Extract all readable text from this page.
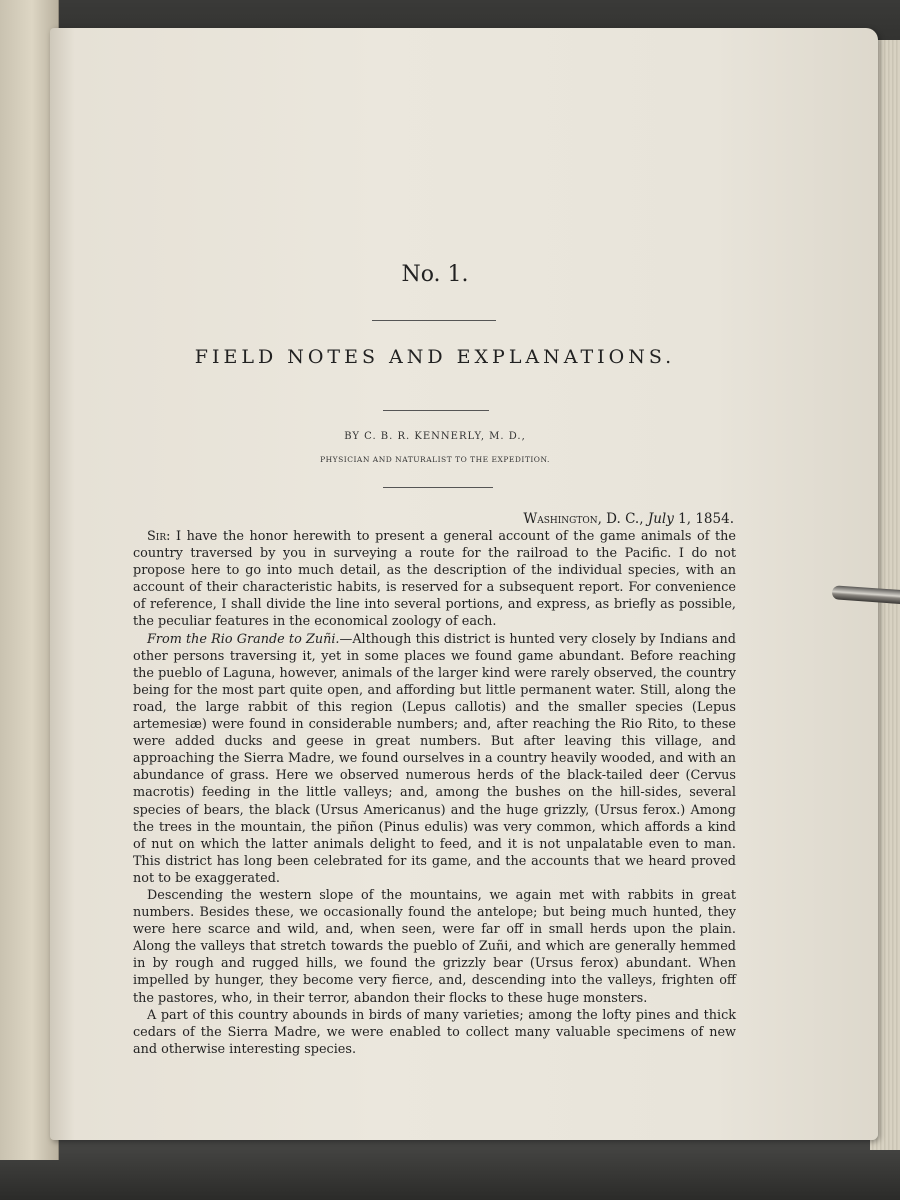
No. 1.
FIELD NOTES AND EXPLANATIONS.
BY C. B. R. KENNERLY, M. D.,
PHYSICIAN AND NATURALIST TO THE EXPEDITION.
Washington, D. C., July 1, 1854.

Sir: I have the honor herewith to present a general account of the game animals of the country traversed by you in surveying a route for the railroad to the Pacific. I do not propose here to go into much detail, as the description of the individual species, with an account of their characteristic habits, is reserved for a subsequent report. For convenience of reference, I shall divide the line into several portions, and express, as briefly as possible, the peculiar features in the economical zoology of each.

From the Rio Grande to Zuñi.—Although this district is hunted very closely by Indians and other persons traversing it, yet in some places we found game abundant. Before reaching the pueblo of Laguna, however, animals of the larger kind were rarely observed, the country being for the most part quite open, and affording but little permanent water. Still, along the road, the large rabbit of this region (Lepus callotis) and the smaller species (Lepus artemesiæ) were found in considerable numbers; and, after reaching the Rio Rito, to these were added ducks and geese in great numbers. But after leaving this village, and approaching the Sierra Madre, we found ourselves in a country heavily wooded, and with an abundance of grass. Here we observed numerous herds of the black-tailed deer (Cervus macrotis) feeding in the little valleys; and, among the bushes on the hill-sides, several species of bears, the black (Ursus Americanus) and the huge grizzly, (Ursus ferox.) Among the trees in the mountain, the piñon (Pinus edulis) was very common, which affords a kind of nut on which the latter animals delight to feed, and it is not unpalatable even to man. This district has long been celebrated for its game, and the accounts that we heard proved not to be exaggerated.

Descending the western slope of the mountains, we again met with rabbits in great numbers. Besides these, we occasionally found the antelope; but being much hunted, they were here scarce and wild, and, when seen, were far off in small herds upon the plain. Along the valleys that stretch towards the pueblo of Zuñi, and which are generally hemmed in by rough and rugged hills, we found the grizzly bear (Ursus ferox) abundant. When impelled by hunger, they become very fierce, and, descending into the valleys, frighten off the pastores, who, in their terror, abandon their flocks to these huge monsters.

A part of this country abounds in birds of many varieties; among the lofty pines and thick cedars of the Sierra Madre, we were enabled to collect many valuable specimens of new and otherwise interesting species.
